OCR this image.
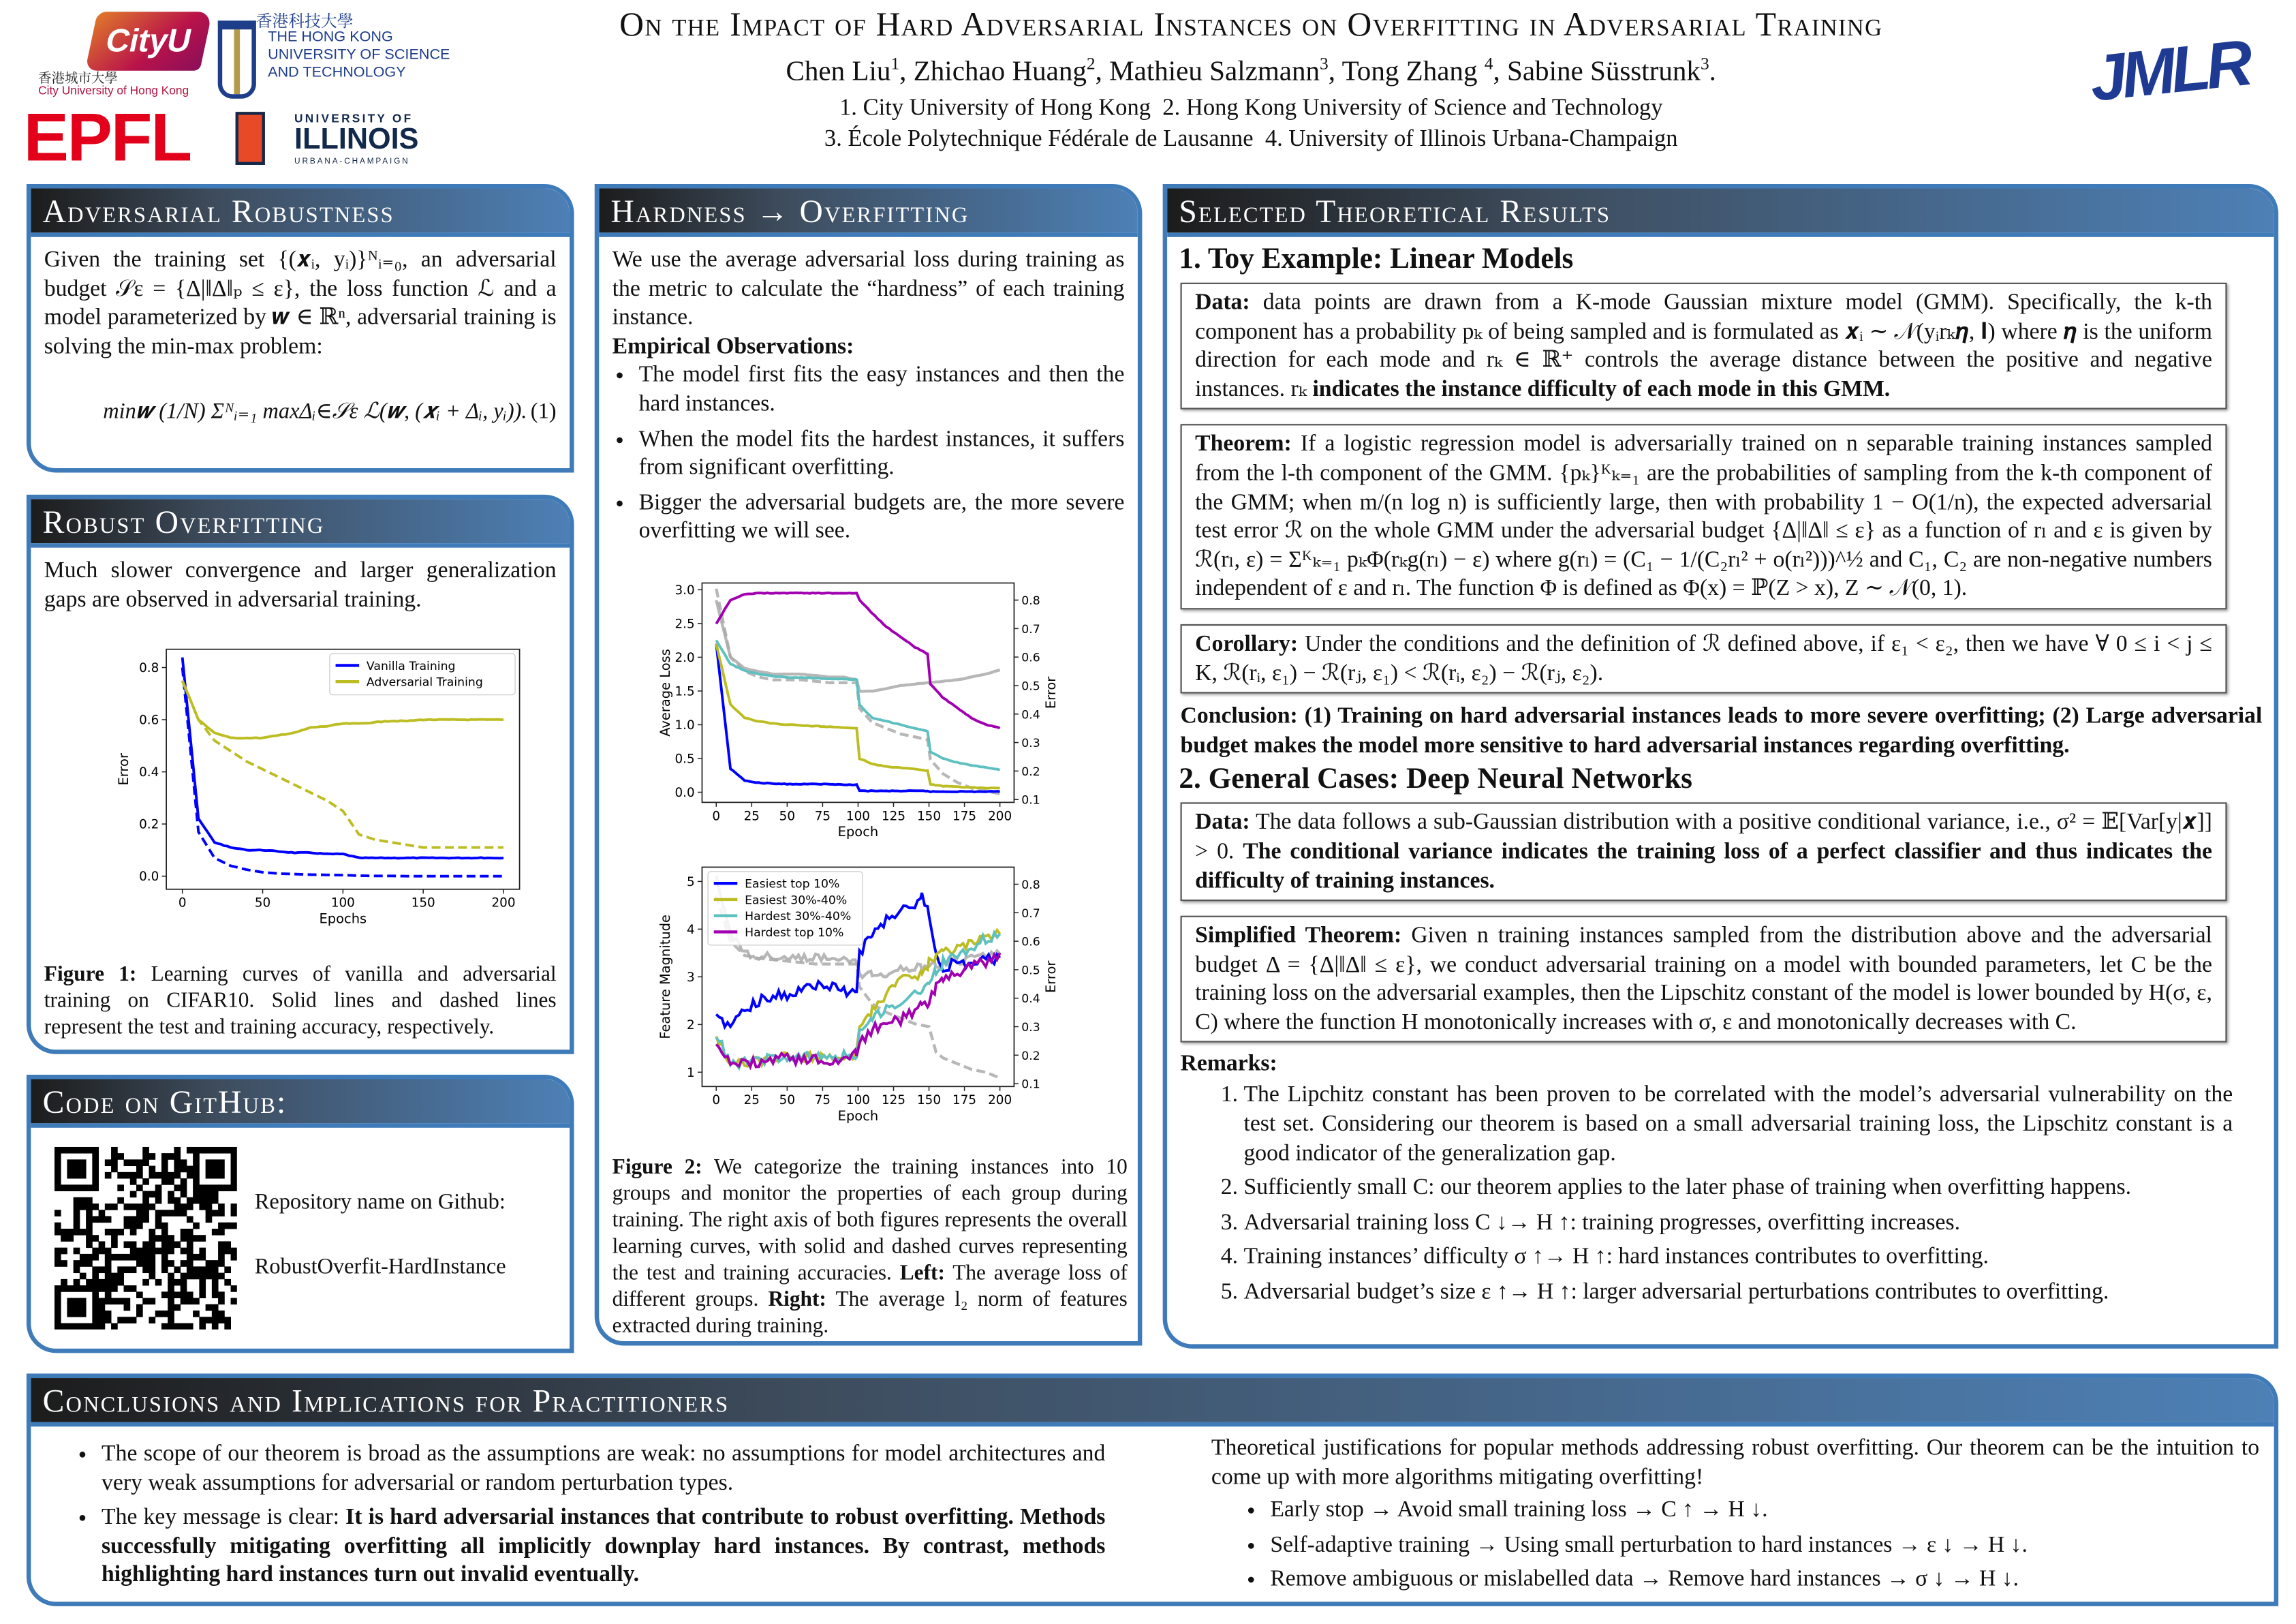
CityU
香港城市大學
City University of Hong Kong
香港科技大學
THE HONG KONG
UNIVERSITY OF SCIENCE
AND TECHNOLOGY
EPFL	UNIVERSITY OF
ILLINOIS
URBANA-CHAMPAIGN
JMLR
On the Impact of Hard Adversarial Instances on Overfitting in Adversarial Training
Chen Liu$^1$, Zhichao Huang$^2$, Mathieu Salzmann$^3$, Tong Zhang $^4$, Sabine Süsstrunk$^3$.
1. City University of Hong Kong  2. Hong Kong University of Science and Technology
3. École Polytechnique Fédérale de Lausanne  4. University of Illinois Urbana-Champaign
Adversarial Robustness
Given the training set {(𝒙ᵢ, yᵢ)}ᴺᵢ₌₀, an adversarial budget 𝒮ε = {Δ|‖Δ‖ₚ ≤ ε}, the loss function ℒ and a model parameterized by 𝒘 ∈ ℝⁿ, adversarial training is solving the min-max problem:
min𝒘 (1/N) Σᴺᵢ₌₁ maxΔᵢ∈𝒮ε ℒ(𝒘, (𝒙ᵢ + Δᵢ, yᵢ)). (1)
Robust Overfitting
Much slower convergence and larger generalization gaps are observed in adversarial training.
0	50	100	150	200
0.0
0.2
0.4
0.6
0.8
Epochs
Error
Vanilla Training
Adversarial Training
Figure 1: Learning curves of vanilla and adversarial training on CIFAR10. Solid lines and dashed lines represent the test and training accuracy, respectively.
Code on GitHub:
Repository name on Github:
RobustOverfit-HardInstance
Hardness → Overfitting
We use the average adversarial loss during training as the metric to calculate the “hardness” of each training instance.
Empirical Observations:
• The model first fits the easy instances and then the hard instances.
• When the model fits the hardest instances, it suffers from significant overfitting.
• Bigger the adversarial budgets are, the more severe overfitting we will see.
0	25	50	75	100 125 150 175 200
0.0
0.5
1.0
1.5
2.0
2.5
3.0
0.1
0.2
0.3
0.4
0.5
0.6
0.7
0.8
Epoch
Average Loss	Error
0	25	50	75	100 125 150 175 200
1
2
3
4
5
0.1
0.2
0.3
0.4
0.5
0.6
0.7
0.8
Epoch
Feature Magnitude	Error
Easiest top 10%
Easiest 30%-40%
Hardest 30%-40%
Hardest top 10%
Figure 2: We categorize the training instances into 10 groups and monitor the properties of each group during training. The right axis of both figures represents the overall learning curves, with solid and dashed curves representing the test and training accuracies. Left: The average loss of different groups. Right: The average l₂ norm of features extracted during training.
Selected Theoretical Results
1. Toy Example: Linear Models
Data: data points are drawn from a K-mode Gaussian mixture model (GMM). Specifically, the k-th component has a probability pₖ of being sampled and is formulated as 𝒙ᵢ ∼ 𝒩(yᵢrₖ𝜼, 𝐈) where 𝜼 is the uniform direction for each mode and rₖ ∈ ℝ⁺ controls the average distance between the positive and negative instances. rₖ indicates the instance difficulty of each mode in this GMM.
Theorem: If a logistic regression model is adversarially trained on n separable training instances sampled from the l-th component of the GMM. {pₖ}ᴷₖ₌₁ are the probabilities of sampling from the k-th component of the GMM; when m/(n log n) is sufficiently large, then with probability 1 − O(1/n), the expected adversarial test error ℛ on the whole GMM under the adversarial budget {Δ|‖Δ‖ ≤ ε} as a function of rₗ and ε is given by ℛ(rₗ, ε) = Σᴷₖ₌₁ pₖΦ(rₖg(rₗ) − ε) where g(rₗ) = (C₁ − 1/(C₂rₗ² + o(rₗ²)))^½ and C₁, C₂ are non-negative numbers independent of ε and rₗ. The function Φ is defined as Φ(x) = ℙ(Z > x), Z ∼ 𝒩(0, 1).
Corollary: Under the conditions and the definition of ℛ defined above, if ε₁ < ε₂, then we have ∀ 0 ≤ i < j ≤ K, ℛ(rᵢ, ε₁) − ℛ(rⱼ, ε₁) < ℛ(rᵢ, ε₂) − ℛ(rⱼ, ε₂).
Conclusion: (1) Training on hard adversarial instances leads to more severe overfitting; (2) Large adversarial budget makes the model more sensitive to hard adversarial instances regarding overfitting.
2. General Cases: Deep Neural Networks
Data: The data follows a sub-Gaussian distribution with a positive conditional variance, i.e., σ² = 𝔼[Var[y|𝒙]] > 0. The conditional variance indicates the training loss of a perfect classifier and thus indicates the difficulty of training instances.
Simplified Theorem: Given n training instances sampled from the distribution above and the adversarial budget Δ = {Δ|‖Δ‖ ≤ ε}, we conduct adversarial training on a model with bounded parameters, let C be the training loss on the adversarial examples, then the Lipschitz constant of the model is lower bounded by H(σ, ε, C) where the function H monotonically increases with σ, ε and monotonically decreases with C.
Remarks:
1. The Lipchitz constant has been proven to be correlated with the model’s adversarial vulnerability on the test set. Considering our theorem is based on a small adversarial training loss, the Lipschitz constant is a good indicator of the generalization gap.
2. Sufficiently small C: our theorem applies to the later phase of training when overfitting happens.
3. Adversarial training loss C ↓→ H ↑: training progresses, overfitting increases.
4. Training instances’ difficulty σ ↑→ H ↑: hard instances contributes to overfitting.
5. Adversarial budget’s size ε ↑→ H ↑: larger adversarial perturbations contributes to overfitting.
Conclusions and Implications for Practitioners
• The scope of our theorem is broad as the assumptions are weak: no assumptions for model architectures and very weak assumptions for adversarial or random perturbation types.
• The key message is clear: It is hard adversarial instances that contribute to robust overfitting. Methods successfully mitigating overfitting all implicitly downplay hard instances. By contrast, methods highlighting hard instances turn out invalid eventually.
Theoretical justifications for popular methods addressing robust overfitting. Our theorem can be the intuition to come up with more algorithms mitigating overfitting!
• Early stop → Avoid small training loss → C ↑ → H ↓.
• Self-adaptive training → Using small perturbation to hard instances → ε ↓ → H ↓.
• Remove ambiguous or mislabelled data → Remove hard instances → σ ↓ → H ↓.
